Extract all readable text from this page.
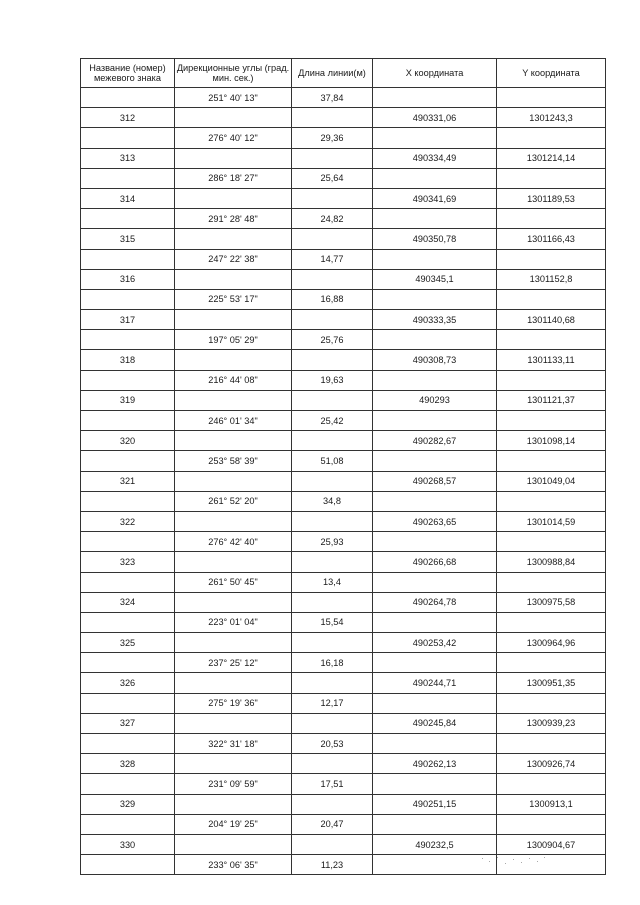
Название (номер) межевого знака	Дирекционные углы (град. мин. сек.)	Длина линии(м)	X координата	Y координата
	251° 40' 13"	37,84		
312			490331,06	1301243,3
	276° 40' 12"	29,36		
313			490334,49	1301214,14
	286° 18' 27"	25,64		
314			490341,69	1301189,53
	291° 28' 48"	24,82		
315			490350,78	1301166,43
	247° 22' 38"	14,77		
316			490345,1	1301152,8
	225° 53' 17"	16,88		
317			490333,35	1301140,68
	197° 05' 29"	25,76		
318			490308,73	1301133,11
	216° 44' 08"	19,63		
319			490293	1301121,37
	246° 01' 34"	25,42		
320			490282,67	1301098,14
	253° 58' 39"	51,08		
321			490268,57	1301049,04
	261° 52' 20"	34,8		
322			490263,65	1301014,59
	276° 42' 40"	25,93		
323			490266,68	1300988,84
	261° 50' 45"	13,4		
324			490264,78	1300975,58
	223° 01' 04"	15,54		
325			490253,42	1300964,96
	237° 25' 12"	16,18		
326			490244,71	1300951,35
	275° 19' 36"	12,17		
327			490245,84	1300939,23
	322° 31' 18"	20,53		
328			490262,13	1300926,74
	231° 09' 59"	17,51		
329			490251,15	1300913,1
	204° 19' 25"	20,47		
330			490232,5	1300904,67
	233° 06' 35"	11,23		
